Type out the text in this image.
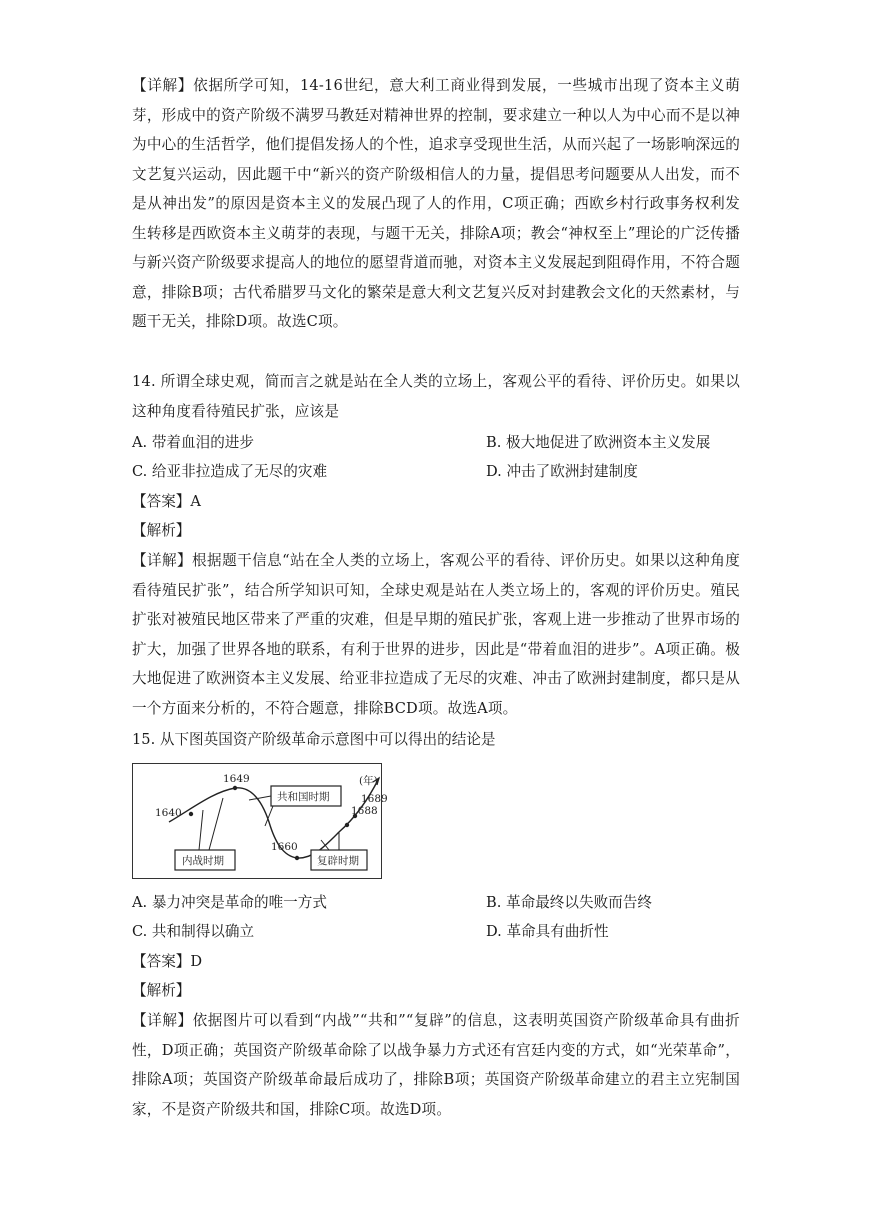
【详解】依据所学可知，14-16世纪，意大利工商业得到发展，一些城市出现了资本主义萌芽，形成中的资产阶级不满罗马教廷对精神世界的控制，要求建立一种以人为中心而不是以神为中心的生活哲学，他们提倡发扬人的个性，追求享受现世生活，从而兴起了一场影响深远的文艺复兴运动，因此题干中“新兴的资产阶级相信人的力量，提倡思考问题要从人出发，而不是从神出发”的原因是资本主义的发展凸现了人的作用，C项正确；西欧乡村行政事务权利发生转移是西欧资本主义萌芽的表现，与题干无关，排除A项；教会“神权至上”理论的广泛传播与新兴资产阶级要求提高人的地位的愿望背道而驰，对资本主义发展起到阻碍作用，不符合题意，排除B项；古代希腊罗马文化的繁荣是意大利文艺复兴反对封建教会文化的天然素材，与题干无关，排除D项。故选C项。

14. 所谓全球史观，简而言之就是站在全人类的立场上，客观公平的看待、评价历史。如果以这种角度看待殖民扩张，应该是

A. 带着血泪的进步	B. 极大地促进了欧洲资本主义发展
C. 给亚非拉造成了无尽的灾难	D. 冲击了欧洲封建制度
【答案】A
【解析】

【详解】根据题干信息“站在全人类的立场上，客观公平的看待、评价历史。如果以这种角度看待殖民扩张”，结合所学知识可知，全球史观是站在人类立场上的，客观的评价历史。殖民扩张对被殖民地区带来了严重的灾难，但是早期的殖民扩张，客观上进一步推动了世界市场的扩大，加强了世界各地的联系，有利于世界的进步，因此是“带着血泪的进步”。A项正确。极大地促进了欧洲资本主义发展、给亚非拉造成了无尽的灾难、冲击了欧洲封建制度，都只是从一个方面来分析的，不符合题意，排除BCD项。故选A项。

15. 从下图英国资产阶级革命示意图中可以得出的结论是
1640
1649
1660
1688
1689
(年)
共和国时期
内战时期	复辟时期
A. 暴力冲突是革命的唯一方式	B. 革命最终以失败而告终
C. 共和制得以确立	D. 革命具有曲折性
【答案】D
【解析】

【详解】依据图片可以看到“内战”“共和”“复辟”的信息，这表明英国资产阶级革命具有曲折性，D项正确；英国资产阶级革命除了以战争暴力方式还有宫廷内变的方式，如“光荣革命”，排除A项；英国资产阶级革命最后成功了，排除B项；英国资产阶级革命建立的君主立宪制国家，不是资产阶级共和国，排除C项。故选D项。
